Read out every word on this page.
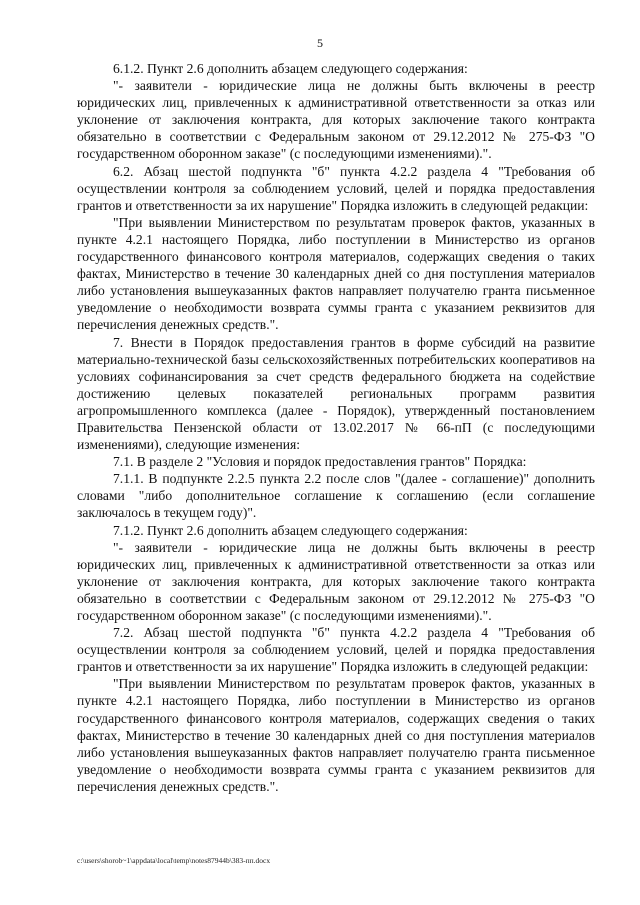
5

6.1.2. Пункт 2.6 дополнить абзацем следующего содержания:

"- заявители - юридические лица не должны быть включены в реестр юридических лиц, привлеченных к административной ответственности за отказ или уклонение от заключения контракта, для которых заключение такого контракта обязательно в соответствии с Федеральным законом от 29.12.2012 № 275-ФЗ "О государственном оборонном заказе" (с последующими изменениями).".

6.2. Абзац шестой подпункта "б" пункта 4.2.2 раздела 4 "Требования об осуществлении контроля за соблюдением условий, целей и порядка предоставления грантов и ответственности за их нарушение" Порядка изложить в следующей редакции:

"При выявлении Министерством по результатам проверок фактов, указанных в пункте 4.2.1 настоящего Порядка, либо поступлении в Министерство из органов государственного финансового контроля материалов, содержащих сведения о таких фактах, Министерство в течение 30 календарных дней со дня поступления материалов либо установления вышеуказанных фактов направляет получателю гранта письменное уведомление о необходимости возврата суммы гранта с указанием реквизитов для перечисления денежных средств.".

7. Внести в Порядок предоставления грантов в форме субсидий на развитие материально-технической базы сельскохозяйственных потребительских кооперативов на условиях софинансирования за счет средств федерального бюджета на содействие достижению целевых показателей региональных программ развития агропромышленного комплекса (далее - Порядок), утвержденный постановлением Правительства Пензенской области от 13.02.2017 № 66-пП (с последующими изменениями), следующие изменения:

7.1. В разделе 2 "Условия и порядок предоставления грантов" Порядка:

7.1.1. В подпункте 2.2.5 пункта 2.2 после слов "(далее - соглашение)" дополнить словами "либо дополнительное соглашение к соглашению (если соглашение заключалось в текущем году)".

7.1.2. Пункт 2.6 дополнить абзацем следующего содержания:

"- заявители - юридические лица не должны быть включены в реестр юридических лиц, привлеченных к административной ответственности за отказ или уклонение от заключения контракта, для которых заключение такого контракта обязательно в соответствии с Федеральным законом от 29.12.2012 № 275-ФЗ "О государственном оборонном заказе" (с последующими изменениями).".

7.2. Абзац шестой подпункта "б" пункта 4.2.2 раздела 4 "Требования об осуществлении контроля за соблюдением условий, целей и порядка предоставления грантов и ответственности за их нарушение" Порядка изложить в следующей редакции:

"При выявлении Министерством по результатам проверок фактов, указанных в пункте 4.2.1 настоящего Порядка, либо поступлении в Министерство из органов государственного финансового контроля материалов, содержащих сведения о таких фактах, Министерство в течение 30 календарных дней со дня поступления материалов либо установления вышеуказанных фактов направляет получателю гранта письменное уведомление о необходимости возврата суммы гранта с указанием реквизитов для перечисления денежных средств.".

c:\users\shorob~1\appdata\local\temp\notes87944b\383-пп.docx
